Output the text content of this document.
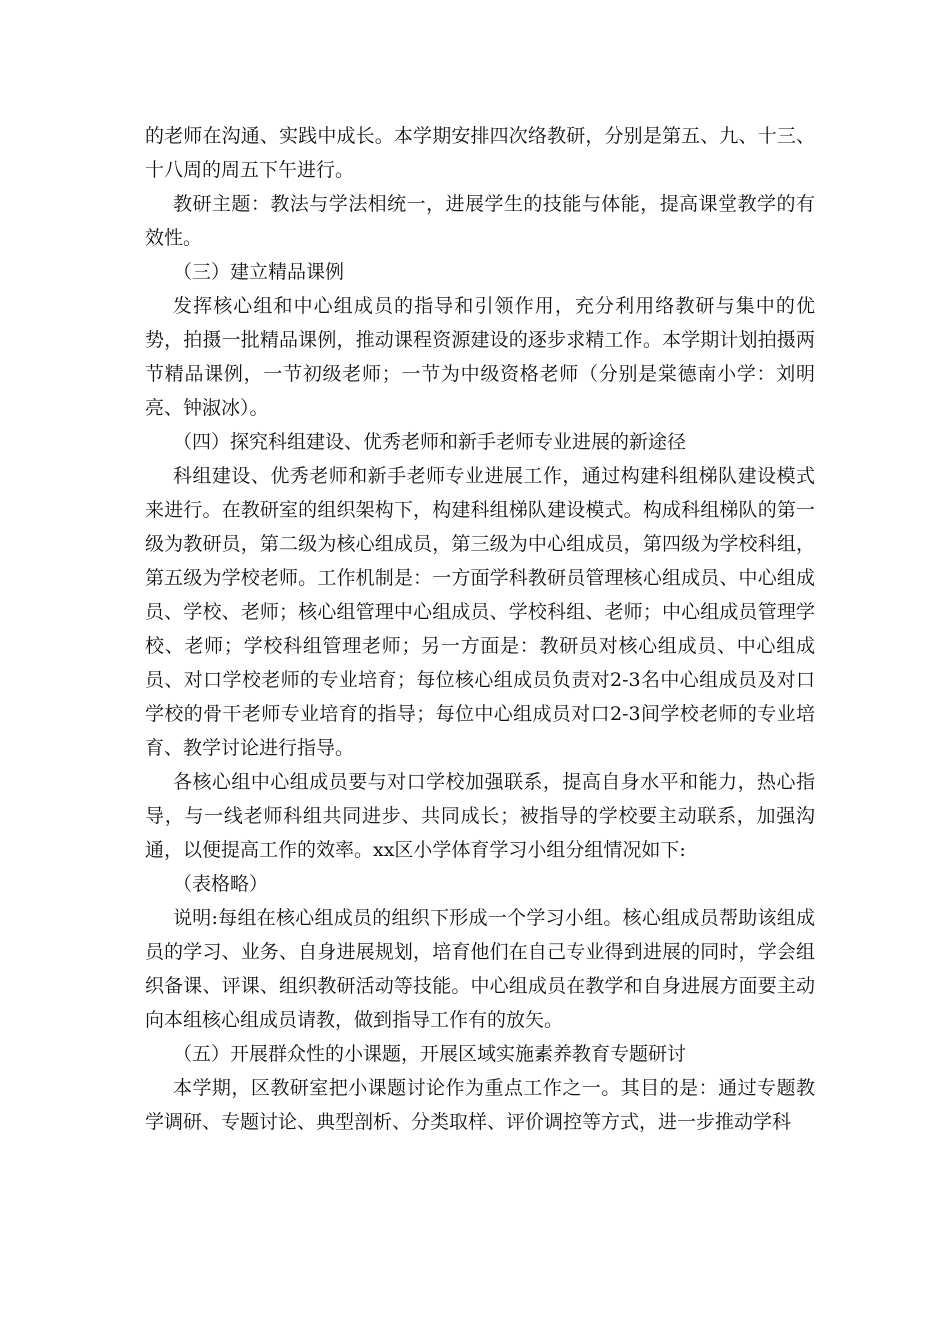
的老师在沟通、实践中成长。本学期安排四次络教研，分别是第五、九、十三、十八周的周五下午进行。

教研主题：教法与学法相统一，进展学生的技能与体能，提高课堂教学的有效性。

（三）建立精品课例

发挥核心组和中心组成员的指导和引领作用，充分利用络教研与集中的优势，拍摄一批精品课例，推动课程资源建设的逐步求精工作。本学期计划拍摄两节精品课例，一节初级老师；一节为中级资格老师（分别是棠德南小学：刘明亮、钟淑冰）。

（四）探究科组建设、优秀老师和新手老师专业进展的新途径

科组建设、优秀老师和新手老师专业进展工作，通过构建科组梯队建设模式来进行。在教研室的组织架构下，构建科组梯队建设模式。构成科组梯队的第一级为教研员，第二级为核心组成员，第三级为中心组成员，第四级为学校科组，第五级为学校老师。工作机制是：一方面学科教研员管理核心组成员、中心组成员、学校、老师；核心组管理中心组成员、学校科组、老师；中心组成员管理学校、老师；学校科组管理老师；另一方面是：教研员对核心组成员、中心组成员、对口学校老师的专业培育；每位核心组成员负责对2-3名中心组成员及对口学校的骨干老师专业培育的指导；每位中心组成员对口2-3间学校老师的专业培育、教学讨论进行指导。

各核心组中心组成员要与对口学校加强联系，提高自身水平和能力，热心指导，与一线老师科组共同进步、共同成长；被指导的学校要主动联系，加强沟通，以便提高工作的效率。xx区小学体育学习小组分组情况如下:

（表格略）

说明:每组在核心组成员的组织下形成一个学习小组。核心组成员帮助该组成员的学习、业务、自身进展规划，培育他们在自己专业得到进展的同时，学会组织备课、评课、组织教研活动等技能。中心组成员在教学和自身进展方面要主动向本组核心组成员请教，做到指导工作有的放矢。

（五）开展群众性的小课题，开展区域实施素养教育专题研讨

本学期，区教研室把小课题讨论作为重点工作之一。其目的是：通过专题教学调研、专题讨论、典型剖析、分类取样、评价调控等方式，进一步推动学科
